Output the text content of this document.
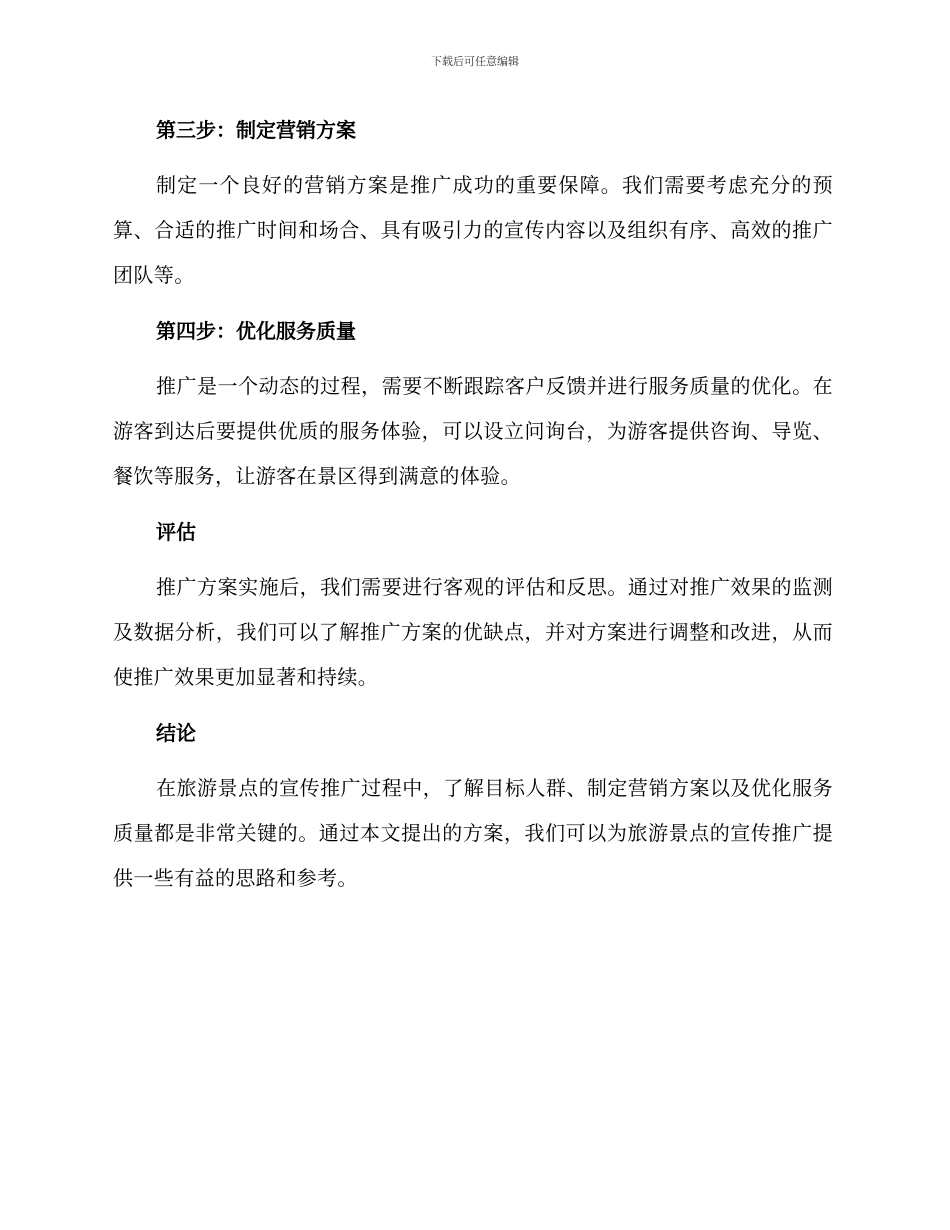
下载后可任意编辑
第三步：制定营销方案

制定一个良好的营销方案是推广成功的重要保障。我们需要考虑充分的预算、合适的推广时间和场合、具有吸引力的宣传内容以及组织有序、高效的推广团队等。

第四步：优化服务质量

推广是一个动态的过程，需要不断跟踪客户反馈并进行服务质量的优化。在游客到达后要提供优质的服务体验，可以设立问询台，为游客提供咨询、导览、餐饮等服务，让游客在景区得到满意的体验。

评估

推广方案实施后，我们需要进行客观的评估和反思。通过对推广效果的监测及数据分析，我们可以了解推广方案的优缺点，并对方案进行调整和改进，从而使推广效果更加显著和持续。

结论

在旅游景点的宣传推广过程中，了解目标人群、制定营销方案以及优化服务质量都是非常关键的。通过本文提出的方案，我们可以为旅游景点的宣传推广提供一些有益的思路和参考。
